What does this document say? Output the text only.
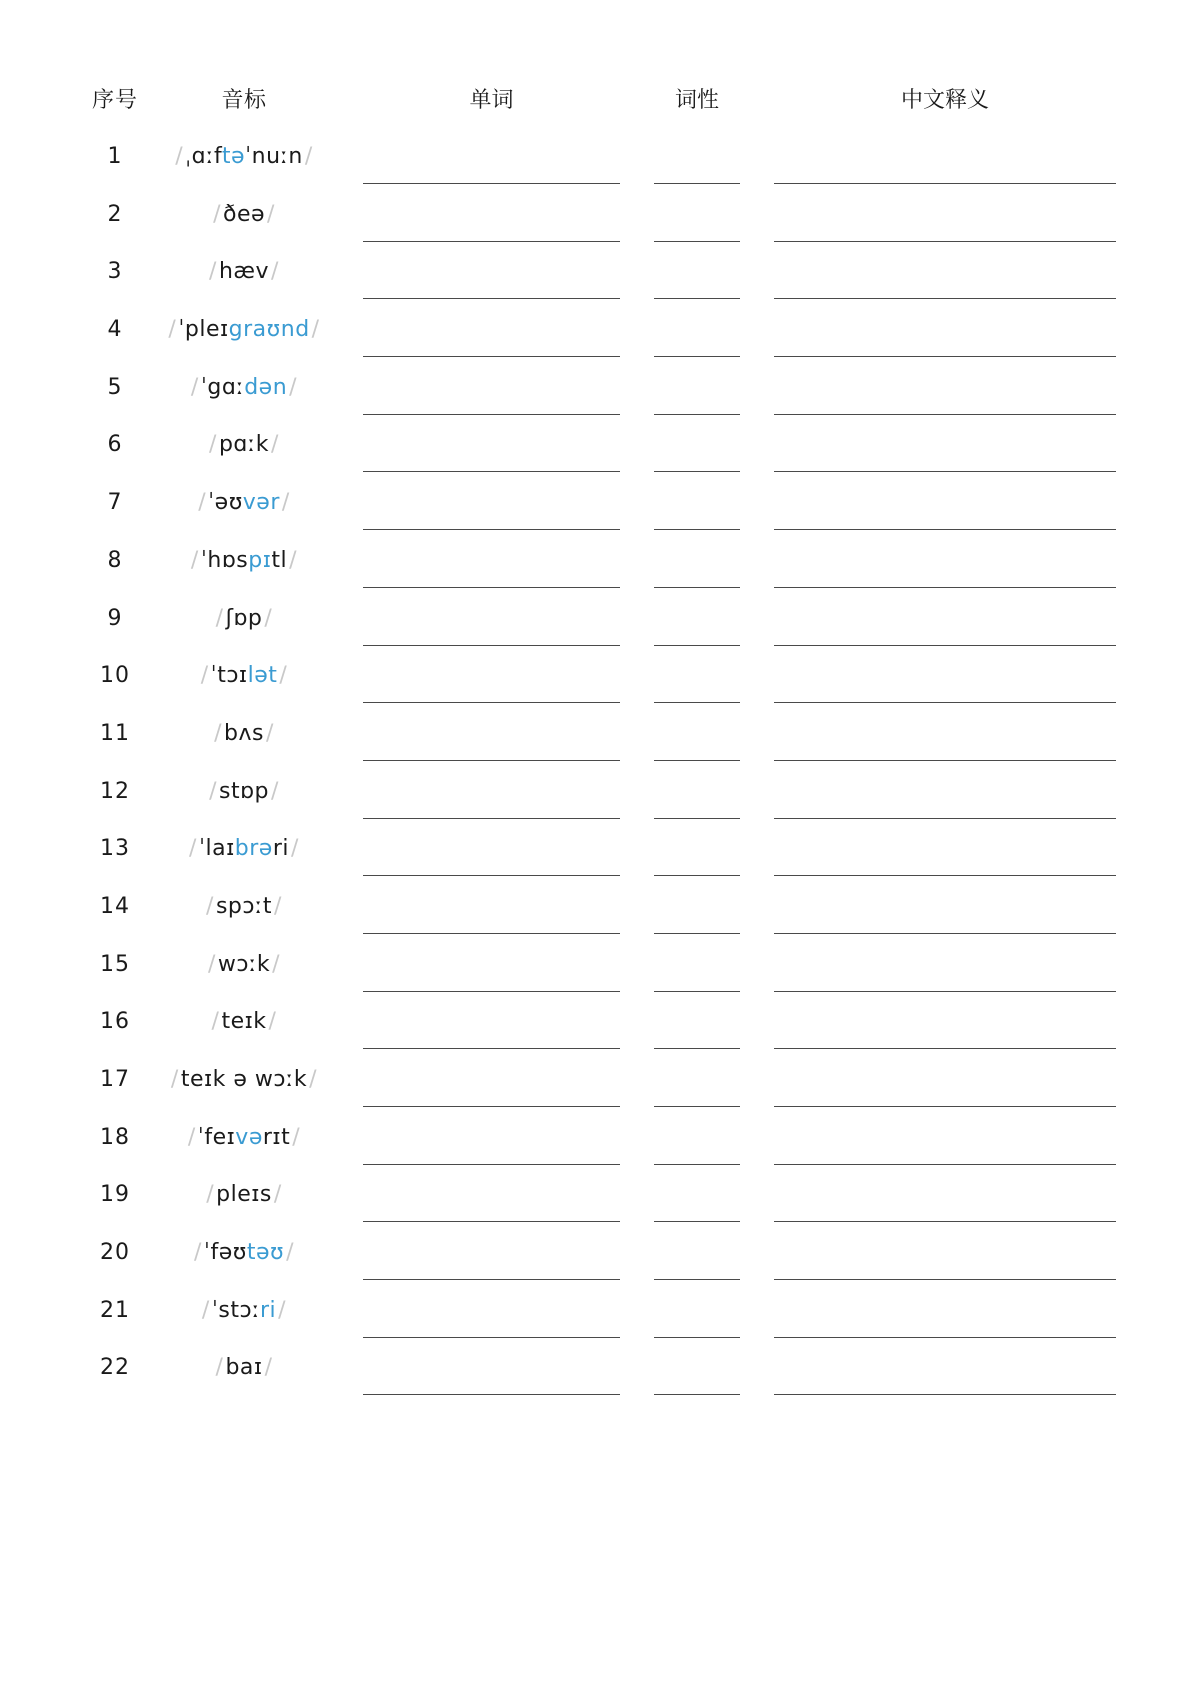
序号	音标	单词	词性	中文释义
1	/ˌɑːftəˈnuːn/
2	/ðeə/
3	/hæv/
4	/ˈpleɪgraʊnd/
5	/ˈgɑːdən/
6	/pɑːk/
7	/ˈəʊvər/
8	/ˈhɒspɪtl/
9	/ʃɒp/
10	/ˈtɔɪlət/
11	/bʌs/
12	/stɒp/
13	/ˈlaɪbrəri/
14	/spɔːt/
15	/wɔːk/
16	/teɪk/
17	/teɪk ə wɔːk/
18	/ˈfeɪvərɪt/
19	/pleɪs/
20	/ˈfəʊtəʊ/
21	/ˈstɔːri/
22	/baɪ/
